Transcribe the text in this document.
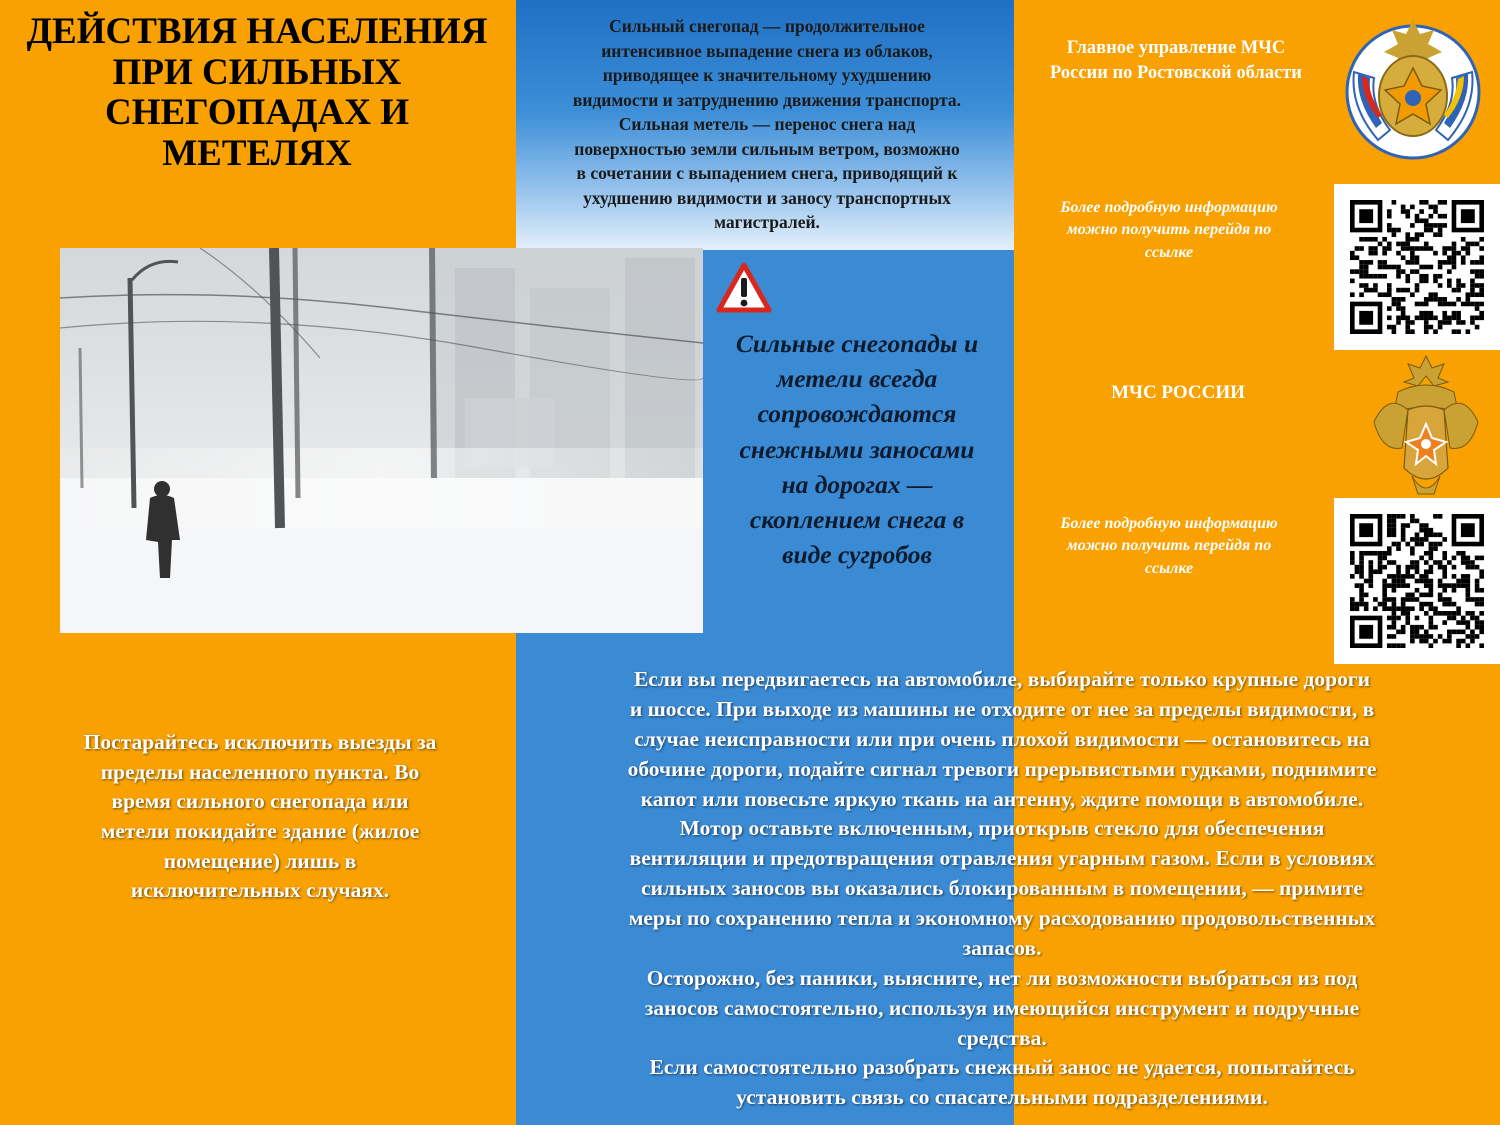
ДЕЙСТВИЯ НАСЕЛЕНИЯ
ПРИ СИЛЬНЫХ
СНЕГОПАДАХ И
МЕТЕЛЯХ

Сильный снегопад — продолжительное
интенсивное выпадение снега из облаков,
приводящее к значительному ухудшению
видимости и затруднению движения транспорта.
Сильная метель — перенос снега над
поверхностью земли сильным ветром, возможно
в сочетании с выпадением снега, приводящий к
ухудшению видимости и заносу транспортных
магистралей.

Сильные снегопады и
метели всегда
сопровождаются
снежными заносами
на дорогах —
скоплением снега в
виде сугробов

Постарайтесь исключить выезды за
пределы населенного пункта. Во
время сильного снегопада или
метели покидайте здание (жилое
помещение) лишь в
исключительных случаях.

Если вы передвигаетесь на автомобиле, выбирайте только крупные дороги
и шоссе. При выходе из машины не отходите от нее за пределы видимости, в
случае неисправности или при очень плохой видимости — остановитесь на
обочине дороги, подайте сигнал тревоги прерывистыми гудками, поднимите
капот или повесьте яркую ткань на антенну, ждите помощи в автомобиле.
Мотор оставьте включенным, приоткрыв стекло для обеспечения
вентиляции и предотвращения отравления угарным газом. Если в условиях
сильных заносов вы оказались блокированным в помещении, — примите
меры по сохранению тепла и экономному расходованию продовольственных
запасов.

Осторожно, без паники, выясните, нет ли возможности выбраться из под
заносов самостоятельно, используя имеющийся инструмент и подручные
средства.

Если самостоятельно разобрать снежный занос не удается, попытайтесь
установить связь со спасательными подразделениями.

Главное управление МЧС
России по Ростовской области

Более подробную информацию
можно получить перейдя по
ссылке

МЧС РОССИИ

Более подробную информацию
можно получить перейдя по
ссылке
